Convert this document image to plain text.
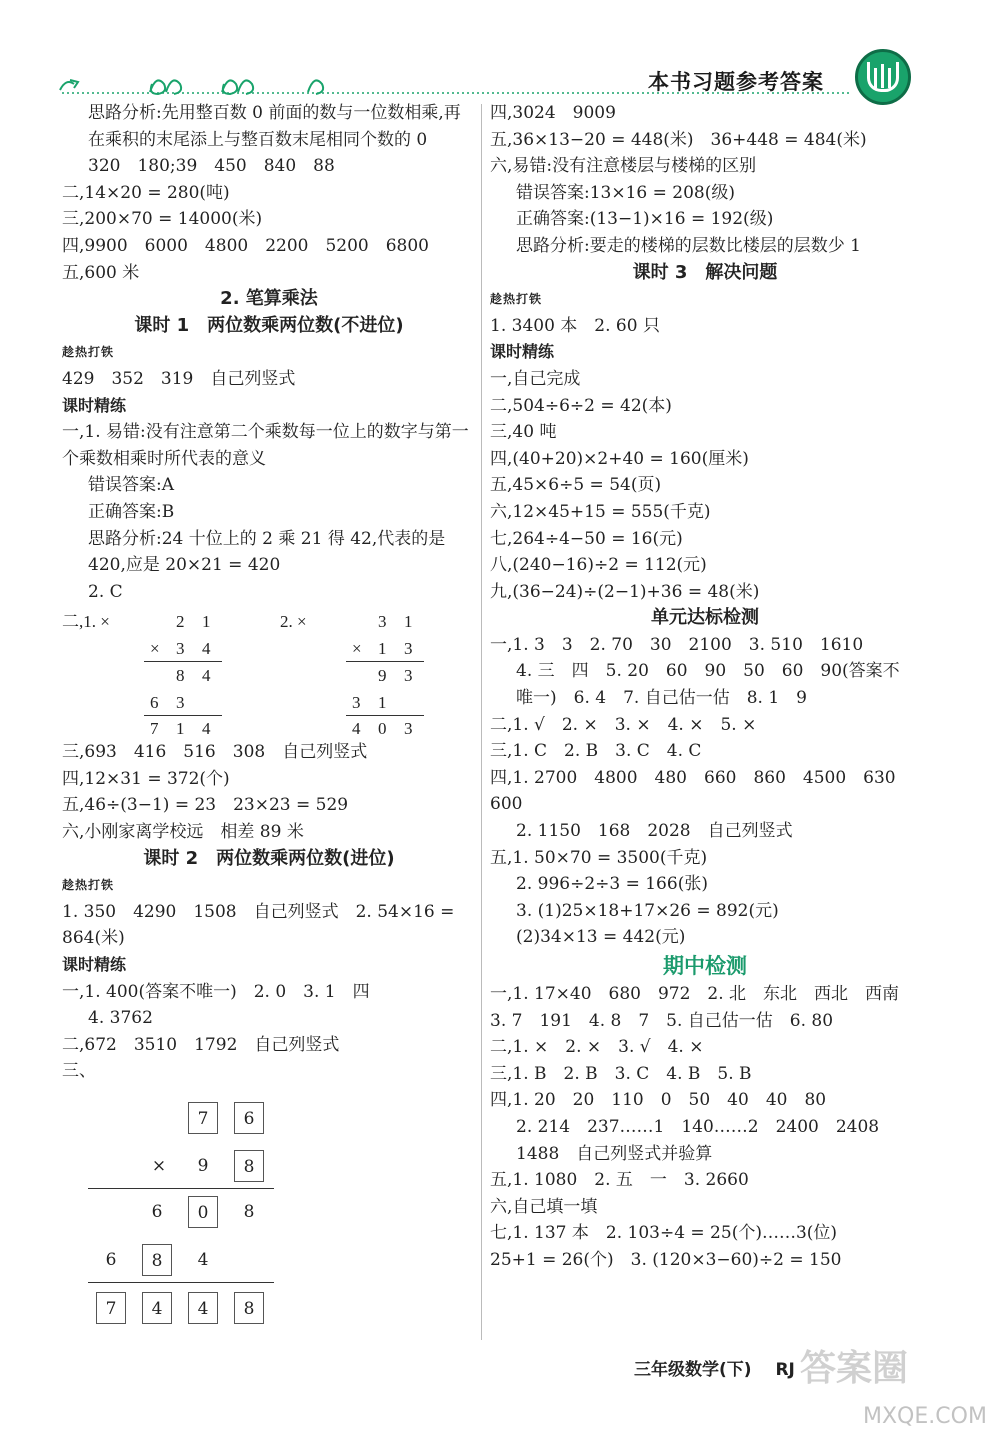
本书习题参考答案
思路分析:先用整百数 0 前面的数与一位数相乘,再在乘积的末尾添上与整百数末尾相同个数的 0
320　180;39　450　840　88
二,14×20 = 280(吨)
三,200×70 = 14000(米)
四,9900　6000　4800　2200　5200　6800
五,600 米
2. 笔算乘法
课时 1　两位数乘两位数(不进位)
趁热打铁
429　352　319　自己列竖式
课时精练
一,1. 易错:没有注意第二个乘数每一位上的数字与第一个乘数相乘时所代表的意义
错误答案:A
正确答案:B
思路分析:24 十位上的 2 乘 21 得 42,代表的是 420,应是 20×21 = 420
2. C
二,1. ×	2 1
× 3 4
8 4
6 3
7 1 4
2. ×	3 1
× 1 3
9 3
3 1
4 0 3
三,693　416　516　308　自己列竖式
四,12×31 = 372(个)
五,46÷(3−1) = 23　23×23 = 529
六,小刚家离学校远　相差 89 米
课时 2　两位数乘两位数(进位)
趁热打铁
1. 350　4290　1508　自己列竖式　2. 54×16 = 864(米)
课时精练
一,1. 400(答案不唯一)　2. 0　3. 1　四
4. 3762
二,672　3510　1792　自己列竖式
三、
7	6
×	9	8
6	0	8
6	8	4
7	4	4	8
四,3024　9009
五,36×13−20 = 448(米)　36+448 = 484(米)
六,易错:没有注意楼层与楼梯的区别
错误答案:13×16 = 208(级)
正确答案:(13−1)×16 = 192(级)
思路分析:要走的楼梯的层数比楼层的层数少 1
课时 3　解决问题
趁热打铁
1. 3400 本　2. 60 只
课时精练
一,自己完成
二,504÷6÷2 = 42(本)
三,40 吨
四,(40+20)×2+40 = 160(厘米)
五,45×6÷5 = 54(页)
六,12×45+15 = 555(千克)
七,264÷4−50 = 16(元)
八,(240−16)÷2 = 112(元)
九,(36−24)÷(2−1)+36 = 48(米)
单元达标检测
一,1. 3　3　2. 70　30　2100　3. 510　1610
4. 三　四　5. 20　60　90　50　60　90(答案不唯一)　6. 4　7. 自己估一估　8. 1　9
二,1. √　2. ×　3. ×　4. ×　5. ×
三,1. C　2. B　3. C　4. C
四,1. 2700　4800　480　660　860　4500　630　600
2. 1150　168　2028　自己列竖式
五,1. 50×70 = 3500(千克)
2. 996÷2÷3 = 166(张)
3. (1)25×18+17×26 = 892(元)
(2)34×13 = 442(元)
期中检测
一,1. 17×40　680　972　2. 北　东北　西北　西南　3. 7　191　4. 8　7　5. 自己估一估　6. 80
二,1. ×　2. ×　3. √　4. ×
三,1. B　2. B　3. C　4. B　5. B
四,1. 20　20　110　0　50　40　40　80
2. 214　237……1　140……2　2400　2408　1488　自己列竖式并验算
五,1. 1080　2. 五　一　3. 2660
六,自己填一填
七,1. 137 本　2. 103÷4 = 25(个)……3(位)　25+1 = 26(个)　3. (120×3−60)÷2 = 150
三年级数学(下) RJ 答案圈
MXQE.COM
